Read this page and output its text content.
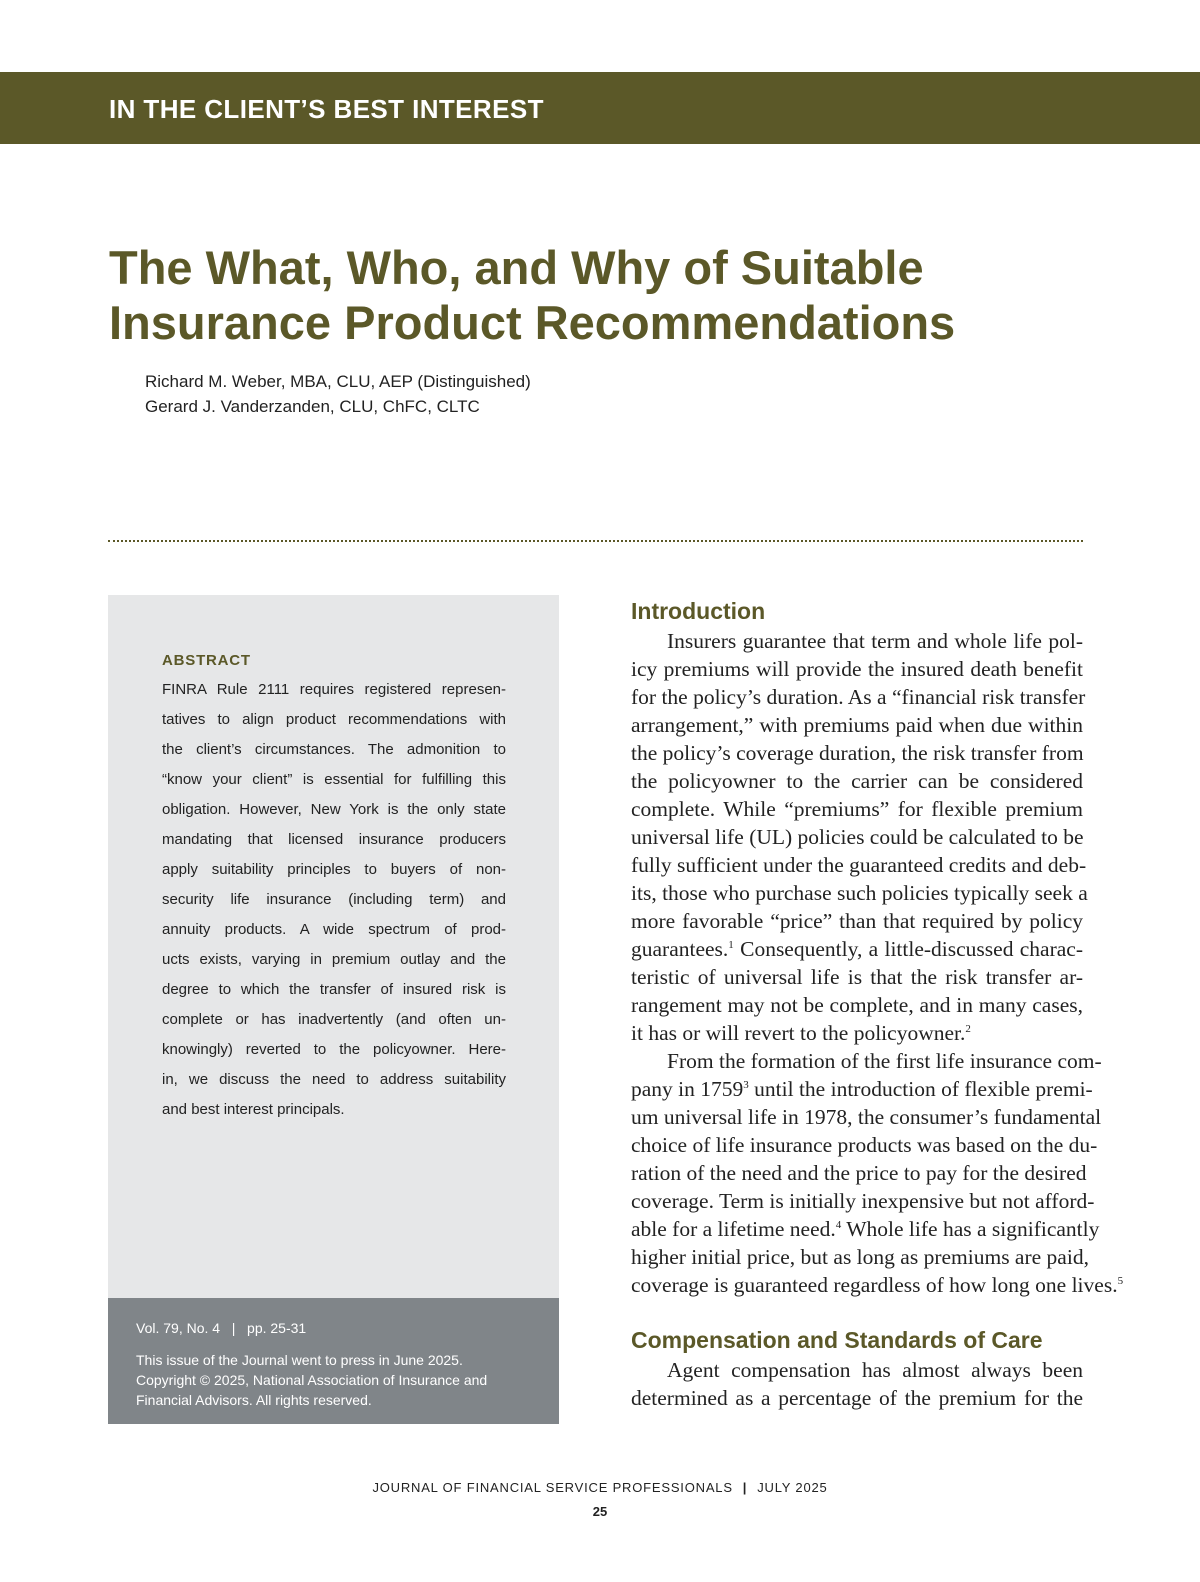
IN THE CLIENT’S BEST INTEREST
The What, Who, and Why of Suitable
Insurance Product Recommendations
Richard M. Weber, MBA, CLU, AEP (Distinguished)
Gerard J. Vanderzanden, CLU, ChFC, CLTC
ABSTRACT

FINRA Rule 2111 requires registered represen-
tatives to align product recommendations with
the client’s circumstances. The admonition to
“know your client” is essential for fulfilling this
obligation. However, New York is the only state
mandating that licensed insurance producers
apply suitability principles to buyers of non-
security life insurance (including term) and
annuity products. A wide spectrum of prod-
ucts exists, varying in premium outlay and the
degree to which the transfer of insured risk is
complete or has inadvertently (and often un-
knowingly) reverted to the policyowner. Here-
in, we discuss the need to address suitability
and best interest principals.

Vol. 79, No. 4 | pp. 25-31
This issue of the Journal went to press in June 2025.
Copyright © 2025, National Association of Insurance and
Financial Advisors. All rights reserved.
Introduction
Insurers guarantee that term and whole life pol-
icy premiums will provide the insured death benefit
for the policy’s duration. As a “financial risk transfer
arrangement,” with premiums paid when due within
the policy’s coverage duration, the risk transfer from
the policyowner to the carrier can be considered
complete. While “premiums” for flexible premium
universal life (UL) policies could be calculated to be
fully sufficient under the guaranteed credits and deb-
its, those who purchase such policies typically seek a
more favorable “price” than that required by policy
guarantees.$^1$ Consequently, a little-discussed charac-
teristic of universal life is that the risk transfer ar-
rangement may not be complete, and in many cases,
it has or will revert to the policyowner.$^2$
From the formation of the first life insurance com-
pany in 1759$^3$ until the introduction of flexible premi-
um universal life in 1978, the consumer’s fundamental
choice of life insurance products was based on the du-
ration of the need and the price to pay for the desired
coverage. Term is initially inexpensive but not afford-
able for a lifetime need.$^4$ Whole life has a significantly
higher initial price, but as long as premiums are paid,
coverage is guaranteed regardless of how long one lives.$^5$
Compensation and Standards of Care
Agent compensation has almost always been
determined as a percentage of the premium for the
JOURNAL OF FINANCIAL SERVICE PROFESSIONALS | JULY 2025
25
